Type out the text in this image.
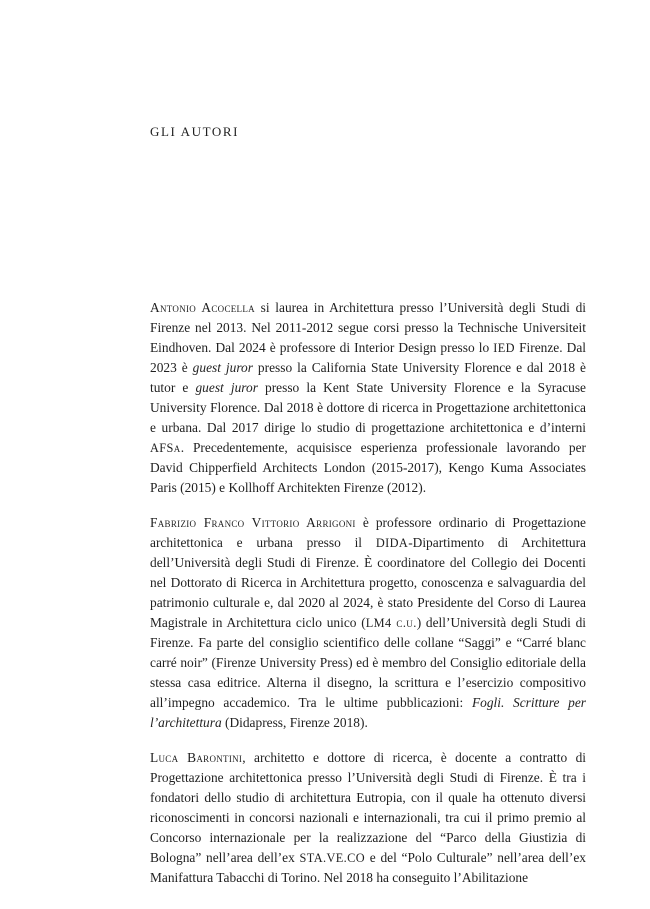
GLI AUTORI

Antonio Acocella si laurea in Architettura presso l’Università degli Studi di Firenze nel 2013. Nel 2011-2012 segue corsi presso la Technische Universiteit Eindhoven. Dal 2024 è professore di Interior Design presso lo IED Firenze. Dal 2023 è guest juror presso la California State University Florence e dal 2018 è tutor e guest juror presso la Kent State University Florence e la Syracuse University Florence. Dal 2018 è dottore di ricerca in Progettazione architettonica e urbana. Dal 2017 dirige lo studio di progettazione architettonica e d’interni AFSa. Precedentemente, acquisisce esperienza professionale lavorando per David Chipperfield Architects London (2015-2017), Kengo Kuma Associates Paris (2015) e Kollhoff Architekten Firenze (2012).

Fabrizio Franco Vittorio Arrigoni è professore ordinario di Progettazione architettonica e urbana presso il DIDA-Dipartimento di Architettura dell’Università degli Studi di Firenze. È coordinatore del Collegio dei Docenti nel Dottorato di Ricerca in Architettura progetto, conoscenza e salvaguardia del patrimonio culturale e, dal 2020 al 2024, è stato Presidente del Corso di Laurea Magistrale in Architettura ciclo unico (LM4 c.u.) dell’Università degli Studi di Firenze. Fa parte del consiglio scientifico delle collane “Saggi” e “Carré blanc carré noir” (Firenze University Press) ed è membro del Consiglio editoriale della stessa casa editrice. Alterna il disegno, la scrittura e l’esercizio compositivo all’impegno accademico. Tra le ultime pubblicazioni: Fogli. Scritture per l’architettura (Didapress, Firenze 2018).

Luca Barontini, architetto e dottore di ricerca, è docente a contratto di Progettazione architettonica presso l’Università degli Studi di Firenze. È tra i fondatori dello studio di architettura Eutropia, con il quale ha ottenuto diversi riconoscimenti in concorsi nazionali e internazionali, tra cui il primo premio al Concorso internazionale per la realizzazione del “Parco della Giustizia di Bologna” nell’area dell’ex STA.VE.CO e del “Polo Culturale” nell’area dell’ex Manifattura Tabacchi di Torino. Nel 2018 ha conseguito l’Abilitazione
